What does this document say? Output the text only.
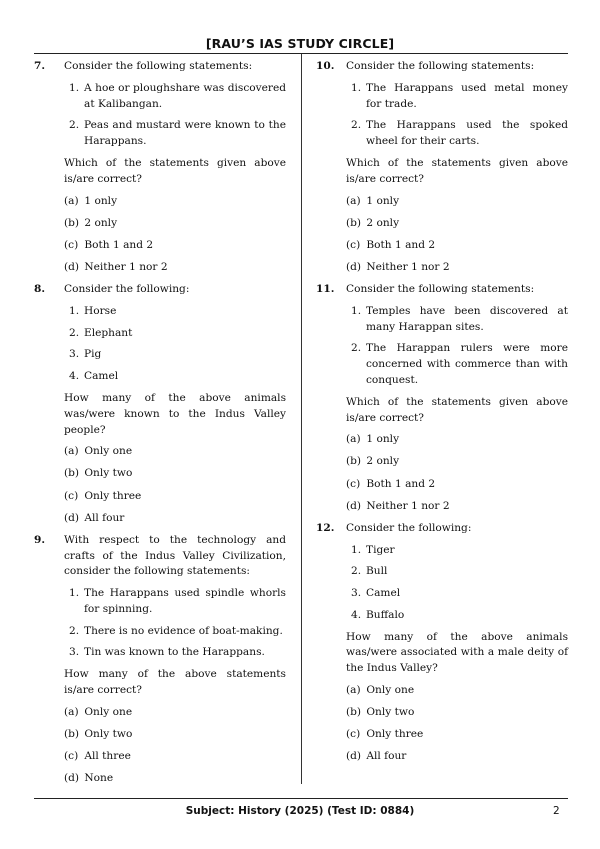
[RAU’S IAS STUDY CIRCLE]
7. Consider the following statements:

1. A hoe or ploughshare was discovered at Kalibangan.
2. Peas and mustard were known to the Harappans.

Which of the statements given above is/are correct?

(a) 1 only
(b) 2 only
(c) Both 1 and 2
(d) Neither 1 nor 2
8. Consider the following:

1. Horse
2. Elephant
3. Pig
4. Camel

How many of the above animals was/were known to the Indus Valley people?

(a) Only one
(b) Only two
(c) Only three
(d) All four
9. With respect to the technology and crafts of the Indus Valley Civilization, consider the following statements:

1. The Harappans used spindle whorls for spinning.
2. There is no evidence of boat-making.
3. Tin was known to the Harappans.

How many of the above statements is/are correct?

(a) Only one
(b) Only two
(c) All three
(d) None
10. Consider the following statements:

1. The Harappans used metal money for trade.
2. The Harappans used the spoked wheel for their carts.

Which of the statements given above is/are correct?

(a) 1 only
(b) 2 only
(c) Both 1 and 2
(d) Neither 1 nor 2
11. Consider the following statements:

1. Temples have been discovered at many Harappan sites.
2. The Harappan rulers were more concerned with commerce than with conquest.

Which of the statements given above is/are correct?

(a) 1 only
(b) 2 only
(c) Both 1 and 2
(d) Neither 1 nor 2
12. Consider the following:

1. Tiger
2. Bull
3. Camel
4. Buffalo

How many of the above animals was/were associated with a male deity of the Indus Valley?

(a) Only one
(b) Only two
(c) Only three
(d) All four
Subject: History (2025) (Test ID: 0884)	2
